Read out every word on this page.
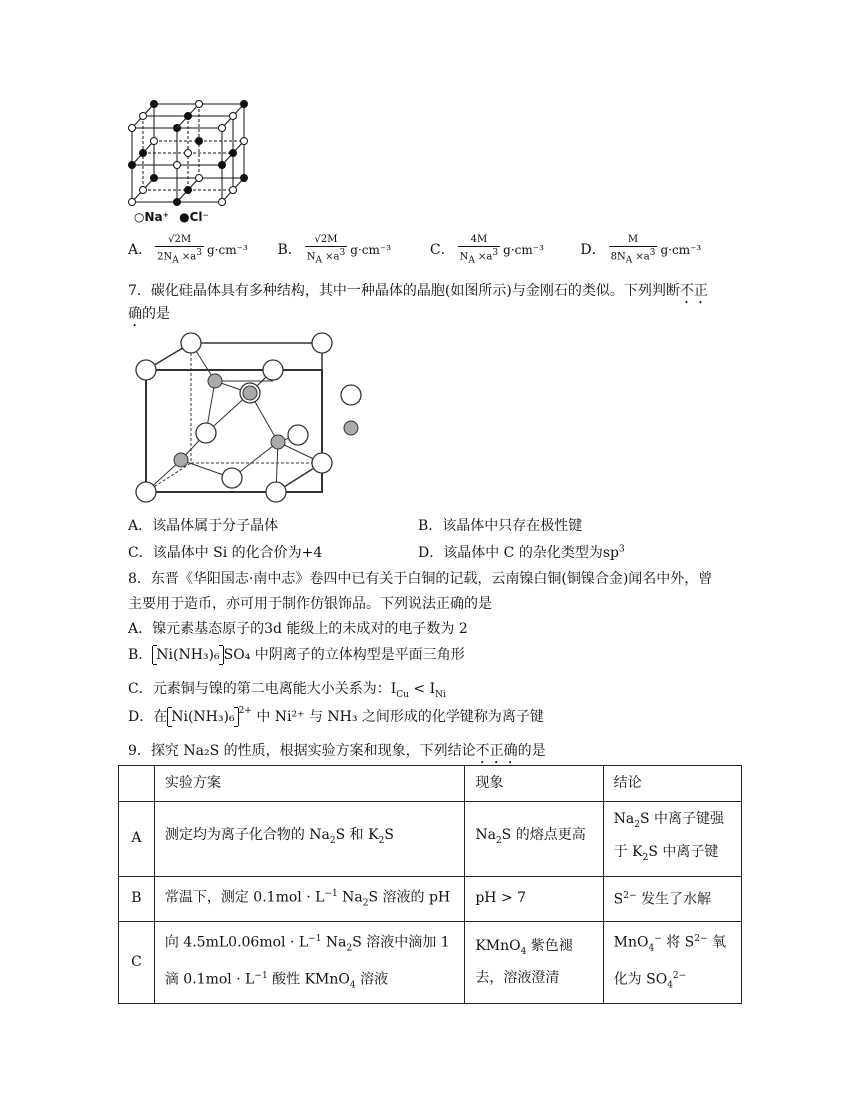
○Na⁺ ●Cl⁻
A． $\frac{√2M}{2N_A \times a^3} g\cdot cm^{-3}$ B． $\frac{√2M}{N_A \times a^3} g\cdot cm^{-3}$	C． $\frac{4M}{N_A \times a^3} g\cdot cm^{-3}$	D． $\frac{M}{8N_A \times a^3} g\cdot cm^{-3}$
7．碳化硅晶体具有多种结构，其中一种晶体的晶胞(如图所示)与金刚石的类似。下列判断不正
确的是
A．该晶体属于分子晶体	B．该晶体中只存在极性键
C．该晶体中 Si 的化合价为+4	D．该晶体中 C 的杂化类型为$sp^3$
8．东晋《华阳国志·南中志》卷四中已有关于白铜的记载，云南镍白铜(铜镍合金)闻名中外，曾
主要用于造币，亦可用于制作仿银饰品。下列说法正确的是
A．镍元素基态原子的3d 能级上的未成对的电子数为 2
B． Ni(NH₃)₆ SO₄ 中阴离子的立体构型是平面三角形
C．元素铜与镍的第二电离能大小关系为：$I_{Cu} < I_{Ni}$
D．在 Ni(NH₃)₆ $^{2+}$ 中 Ni²⁺ 与 NH₃ 之间形成的化学键称为离子键
9．探究 Na₂S 的性质，根据实验方案和现象，下列结论不正确的是
	实验方案	现象	结论
A	测定均为离子化合物的 $Na_2S$ 和 $K_2S$	$Na_2S$ 的熔点更高	$Na_2S$ 中离子键强于 $K_2S$ 中离子键
B	常温下，测定 $0.1mol \cdot L^{-1}$ $Na_2S$ 溶液的 pH	pH > 7	$S^{2-}$ 发生了水解
C	向 $4.5mL0.06mol \cdot L^{-1}$ $Na_2S$ 溶液中滴加 1 滴 $0.1mol \cdot L^{-1}$ 酸性 KMnO$_4$ 溶液	KMnO$_4$ 紫色褪去，溶液澄清	MnO$_4$− 将 $S^{2-}$ 氧化为 $SO_4^{2-}$
